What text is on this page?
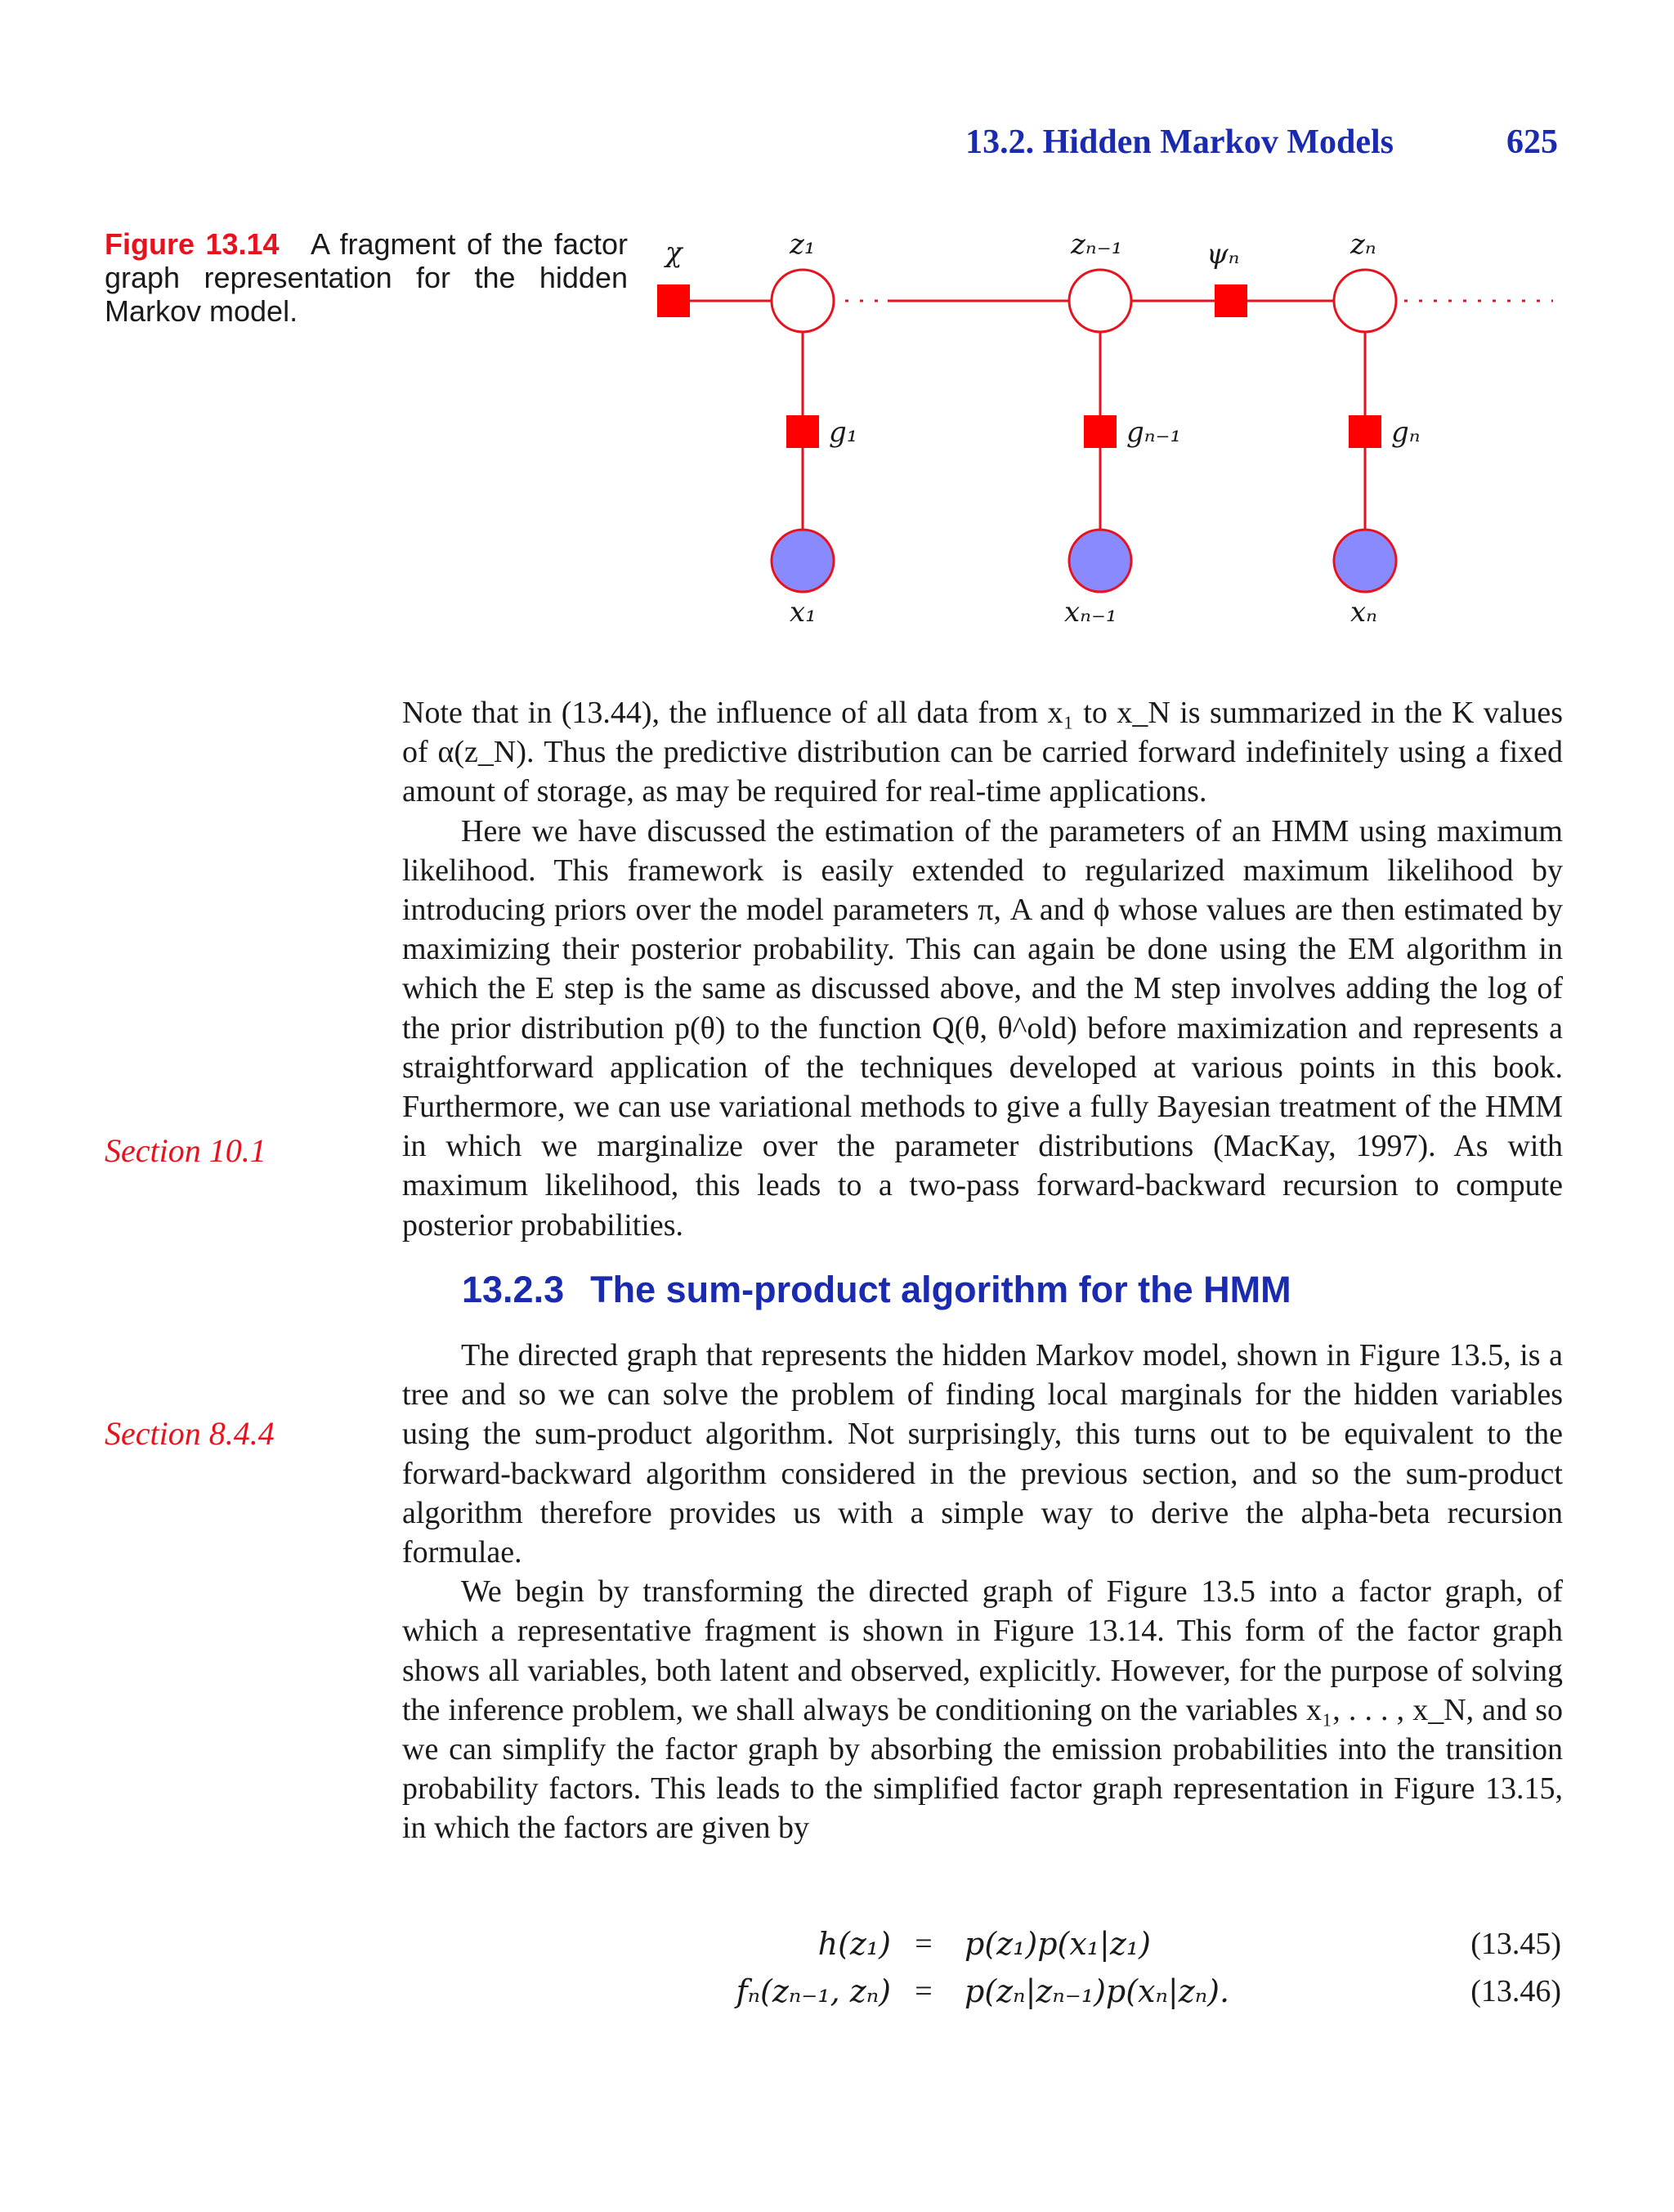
13.2. Hidden Markov Models	625
Figure 13.14 A fragment of the factor graph representation for the hidden Markov model.
χ	z₁	zₙ₋₁	ψₙ	zₙ
g₁	gₙ₋₁	gₙ
x₁	xₙ₋₁	xₙ

Note that in (13.44), the influence of all data from x₁ to x_N is summarized in the K values of α(z_N). Thus the predictive distribution can be carried forward indefinitely using a fixed amount of storage, as may be required for real-time applications.

Here we have discussed the estimation of the parameters of an HMM using maximum likelihood. This framework is easily extended to regularized maximum likelihood by introducing priors over the model parameters π, A and ϕ whose values are then estimated by maximizing their posterior probability. This can again be done using the EM algorithm in which the E step is the same as discussed above, and the M step involves adding the log of the prior distribution p(θ) to the function Q(θ, θ^old) before maximization and represents a straightforward application of the techniques developed at various points in this book. Furthermore, we can use variational methods to give a fully Bayesian treatment of the HMM in which we marginalize over the parameter distributions (MacKay, 1997). As with maximum likelihood, this leads to a two-pass forward-backward recursion to compute posterior probabilities.

Section 10.1
13.2.3 The sum-product algorithm for the HMM

The directed graph that represents the hidden Markov model, shown in Figure 13.5, is a tree and so we can solve the problem of finding local marginals for the hidden variables using the sum-product algorithm. Not surprisingly, this turns out to be equivalent to the forward-backward algorithm considered in the previous section, and so the sum-product algorithm therefore provides us with a simple way to derive the alpha-beta recursion formulae.

We begin by transforming the directed graph of Figure 13.5 into a factor graph, of which a representative fragment is shown in Figure 13.14. This form of the factor graph shows all variables, both latent and observed, explicitly. However, for the purpose of solving the inference problem, we shall always be conditioning on the variables x₁, . . . , x_N, and so we can simplify the factor graph by absorbing the emission probabilities into the transition probability factors. This leads to the simplified factor graph representation in Figure 13.15, in which the factors are given by

Section 8.4.4
h(z₁) = p(z₁)p(x₁|z₁)	(13.45)
fₙ(zₙ₋₁, zₙ) = p(zₙ|zₙ₋₁)p(xₙ|zₙ).	(13.46)
